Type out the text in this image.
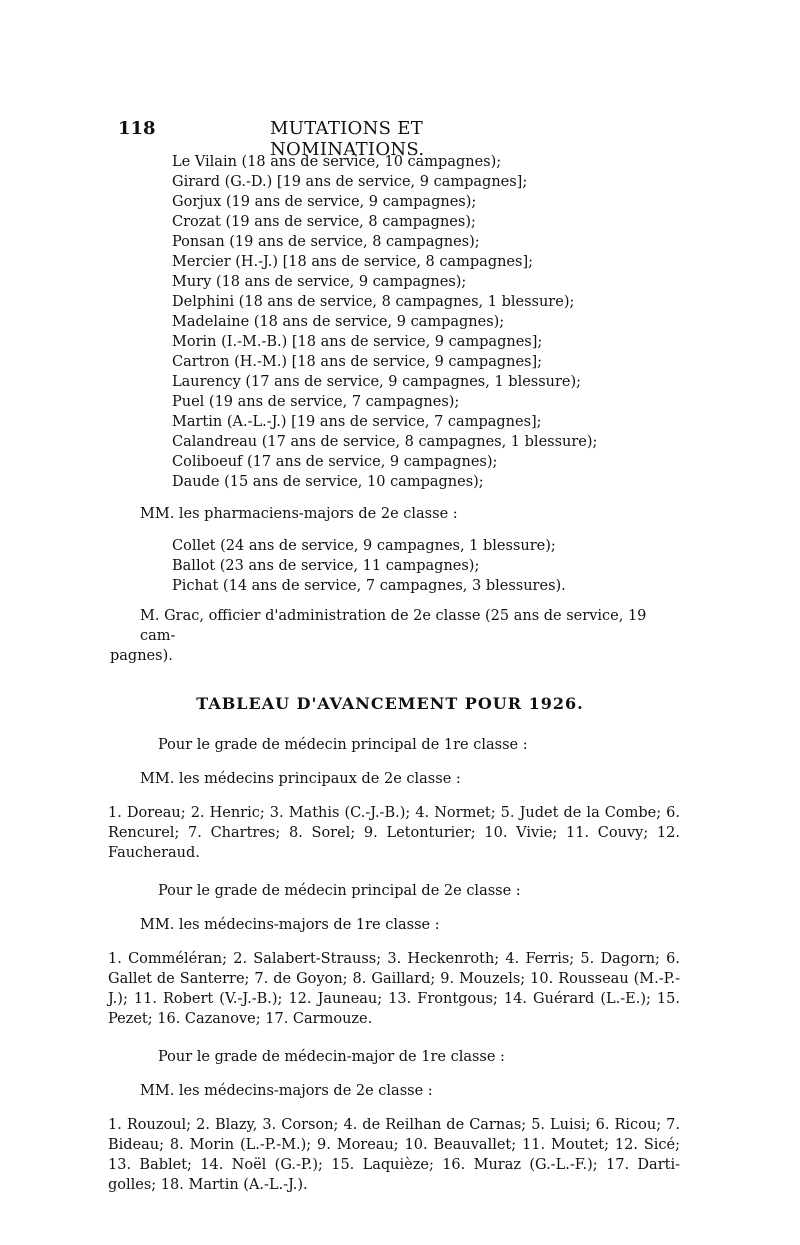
118	MUTATIONS ET NOMINATIONS.
Le Vilain (18 ans de service, 10 campagnes);
Girard (G.-D.) [19 ans de service, 9 campagnes];
Gorjux (19 ans de service, 9 campagnes);
Crozat (19 ans de service, 8 campagnes);
Ponsan (19 ans de service, 8 campagnes);
Mercier (H.-J.) [18 ans de service, 8 campagnes];
Mury (18 ans de service, 9 campagnes);
Delphini (18 ans de service, 8 campagnes, 1 blessure);
Madelaine (18 ans de service, 9 campagnes);
Morin (I.-M.-B.) [18 ans de service, 9 campagnes];
Cartron (H.-M.) [18 ans de service, 9 campagnes];
Laurency (17 ans de service, 9 campagnes, 1 blessure);
Puel (19 ans de service, 7 campagnes);
Martin (A.-L.-J.) [19 ans de service, 7 campagnes];
Calandreau (17 ans de service, 8 campagnes, 1 blessure);
Coliboeuf (17 ans de service, 9 campagnes);
Daude (15 ans de service, 10 campagnes);
MM. les pharmaciens-majors de 2e classe :
Collet (24 ans de service, 9 campagnes, 1 blessure);
Ballot (23 ans de service, 11 campagnes);
Pichat (14 ans de service, 7 campagnes, 3 blessures).
M. Grac, officier d'administration de 2e classe (25 ans de service, 19 cam-
pagnes).
TABLEAU D'AVANCEMENT POUR 1926.
Pour le grade de médecin principal de 1re classe :
MM. les médecins principaux de 2e classe :
1. Doreau; 2. Henric; 3. Mathis (C.-J.-B.); 4. Normet; 5. Judet de la Combe; 6. Rencurel; 7. Chartres; 8. Sorel; 9. Letonturier; 10. Vivie; 11. Couvy; 12. Faucheraud.
Pour le grade de médecin principal de 2e classe :
MM. les médecins-majors de 1re classe :
1. Comméléran; 2. Salabert-Strauss; 3. Heckenroth; 4. Ferris; 5. Dagorn; 6. Gallet de Santerre; 7. de Goyon; 8. Gaillard; 9. Mouzels; 10. Rousseau (M.-P.-J.); 11. Robert (V.-J.-B.); 12. Jauneau; 13. Frontgous; 14. Guérard (L.-E.); 15. Pezet; 16. Cazanove; 17. Carmouze.
Pour le grade de médecin-major de 1re classe :
MM. les médecins-majors de 2e classe :
1. Rouzoul; 2. Blazy, 3. Corson; 4. de Reilhan de Carnas; 5. Luisi; 6. Ricou; 7. Bideau; 8. Morin (L.-P.-M.); 9. Moreau; 10. Beauvallet; 11. Moutet; 12. Sicé; 13. Bablet; 14. Noël (G.-P.); 15. Laquièze; 16. Muraz (G.-L.-F.); 17. Darti-golles; 18. Martin (A.-L.-J.).
